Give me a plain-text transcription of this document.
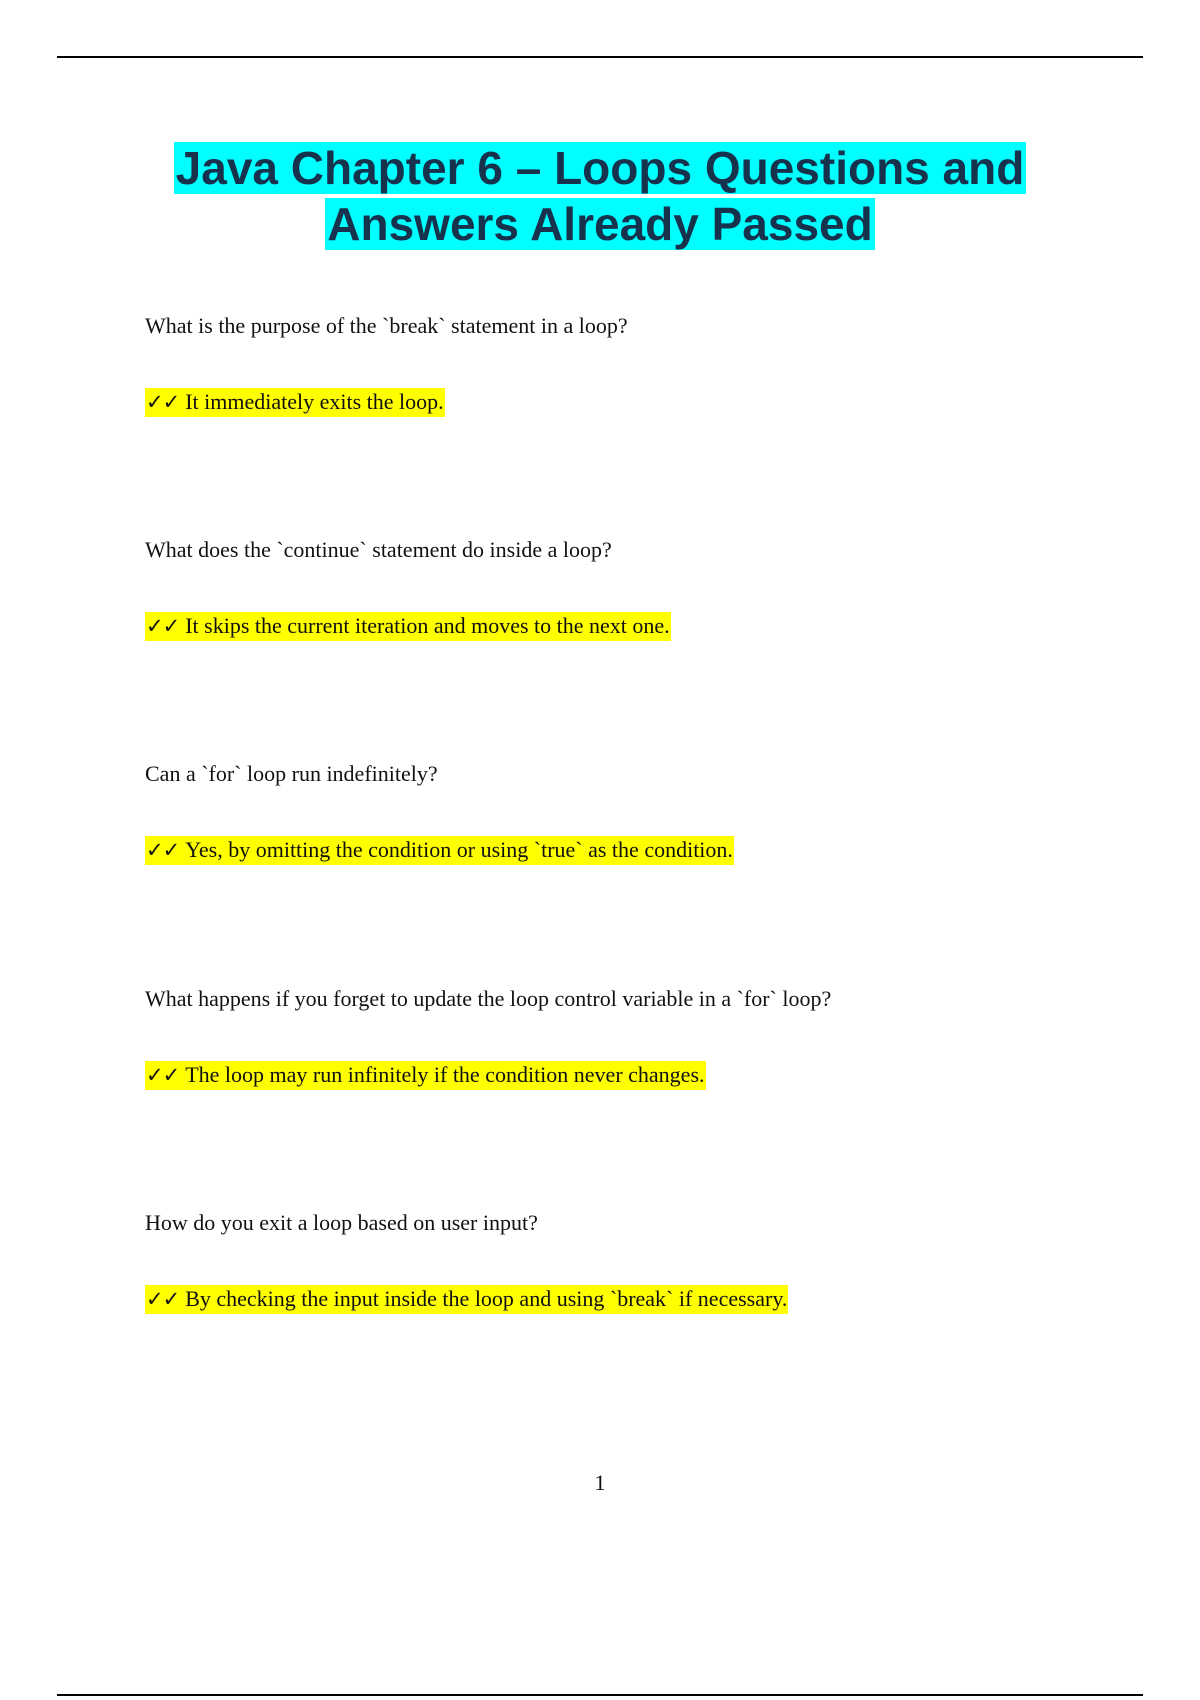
Java Chapter 6 – Loops Questions and
Answers Already Passed

What is the purpose of the `break` statement in a loop?

✓✓ It immediately exits the loop.

What does the `continue` statement do inside a loop?

✓✓ It skips the current iteration and moves to the next one.

Can a `for` loop run indefinitely?

✓✓ Yes, by omitting the condition or using `true` as the condition.

What happens if you forget to update the loop control variable in a `for` loop?

✓✓ The loop may run infinitely if the condition never changes.

How do you exit a loop based on user input?

✓✓ By checking the input inside the loop and using `break` if necessary.

1
